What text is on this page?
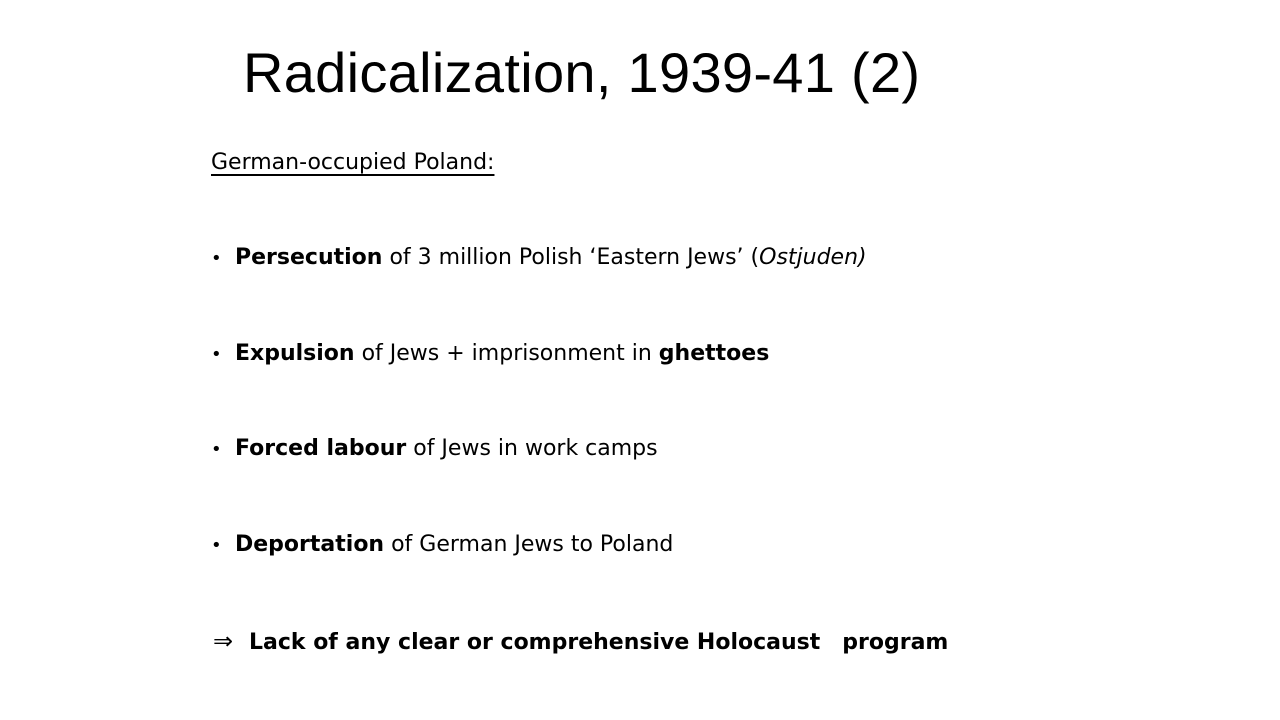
Radicalization, 1939-41 (2)
German-occupied Poland:
• Persecution of 3 million Polish ‘Eastern Jews’ (Ostjuden)
• Expulsion of Jews + imprisonment in ghettoes
• Forced labour of Jews in work camps
• Deportation of German Jews to Poland
⇒ Lack of any clear or comprehensive Holocaust program
